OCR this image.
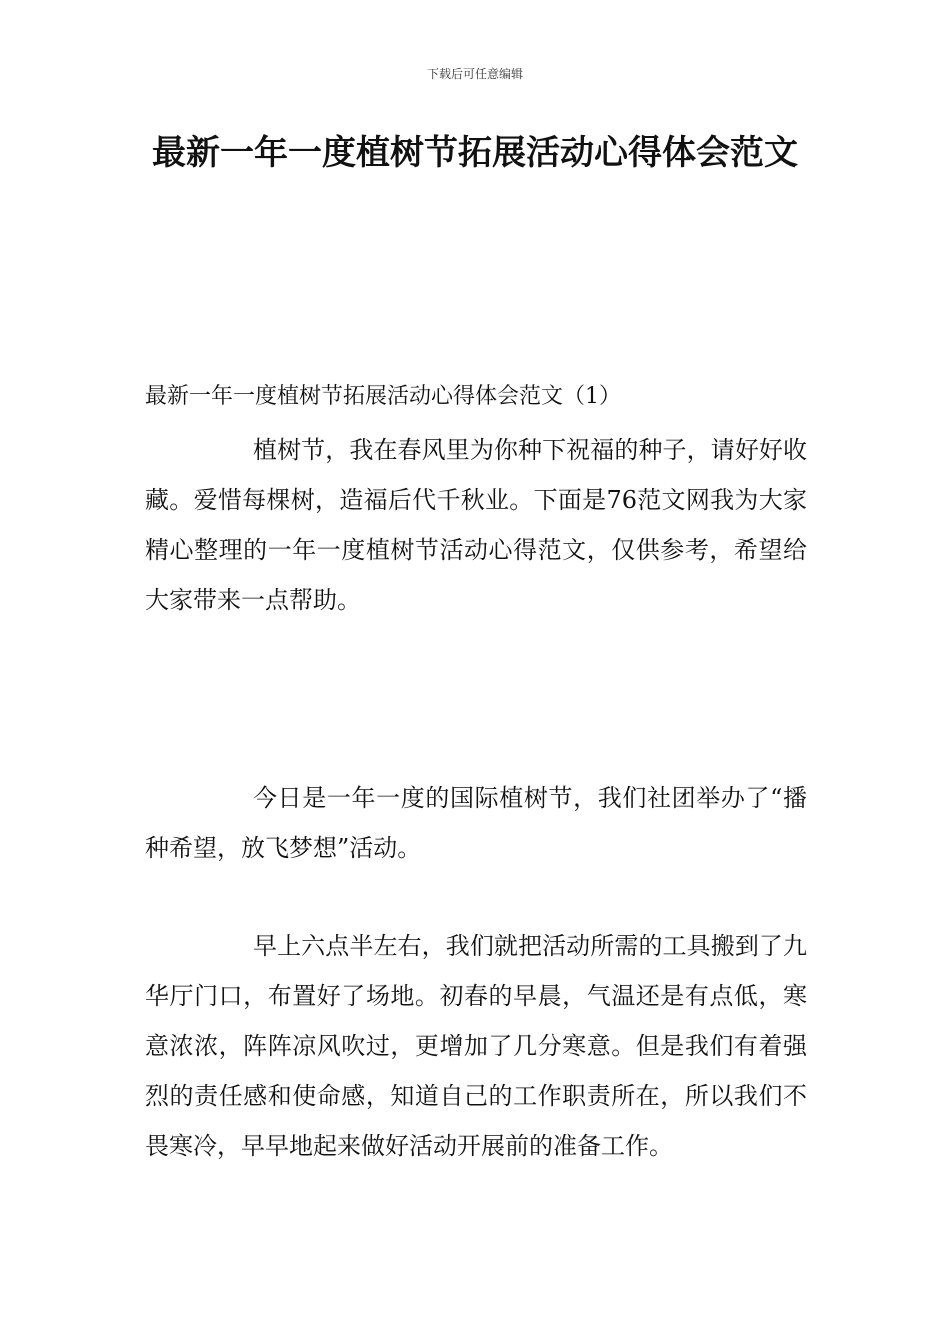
下载后可任意编辑
最新一年一度植树节拓展活动心得体会范文
最新一年一度植树节拓展活动心得体会范文（1）

植树节，我在春风里为你种下祝福的种子，请好好收藏。爱惜每棵树，造福后代千秋业。下面是76范文网我为大家精心整理的一年一度植树节活动心得范文，仅供参考，希望给大家带来一点帮助。

今日是一年一度的国际植树节，我们社团举办了“播种希望，放飞梦想”活动。

早上六点半左右，我们就把活动所需的工具搬到了九华厅门口，布置好了场地。初春的早晨，气温还是有点低，寒意浓浓，阵阵凉风吹过，更增加了几分寒意。但是我们有着强烈的责任感和使命感，知道自己的工作职责所在，所以我们不畏寒冷，早早地起来做好活动开展前的准备工作。
